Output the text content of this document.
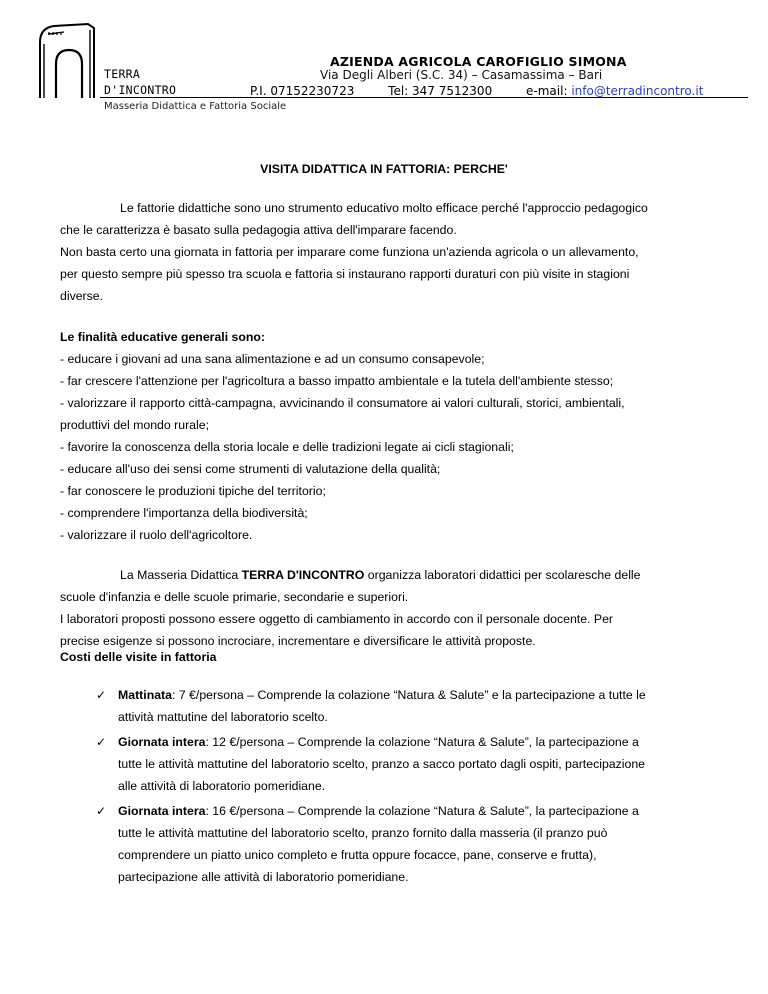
TERRA
D'INCONTRO
AZIENDA AGRICOLA CAROFIGLIO SIMONA
Via Degli Alberi (S.C. 34) – Casamassima – Bari
P.I. 07152230723	Tel: 347 7512300	e-mail: info@terradincontro.it
Masseria Didattica e Fattoria Sociale
VISITA DIDATTICA IN FATTORIA: PERCHE'

Le fattorie didattiche sono uno strumento educativo molto efficace perché l'approccio pedagogico

che le caratterizza è basato sulla pedagogia attiva dell'imparare facendo.

Non basta certo una giornata in fattoria per imparare come funziona un'azienda agricola o un allevamento,

per questo sempre più spesso tra scuola e fattoria si instaurano rapporti duraturi con più visite in stagioni

diverse.

Le finalità educative generali sono:

- educare i giovani ad una sana alimentazione e ad un consumo consapevole;

- far crescere l'attenzione per l'agricoltura a basso impatto ambientale e la tutela dell'ambiente stesso;

- valorizzare il rapporto città-campagna, avvicinando il consumatore ai valori culturali, storici, ambientali,

produttivi del mondo rurale;

- favorire la conoscenza della storia locale e delle tradizioni legate ai cicli stagionali;

- educare all'uso dei sensi come strumenti di valutazione della qualità;

- far conoscere le produzioni tipiche del territorio;

- comprendere l'importanza della biodiversità;

- valorizzare il ruolo dell'agricoltore.

La Masseria Didattica TERRA D'INCONTRO organizza laboratori didattici per scolaresche delle

scuole d'infanzia e delle scuole primarie, secondarie e superiori.

I laboratori proposti possono essere oggetto di cambiamento in accordo con il personale docente. Per

precise esigenze si possono incrociare, incrementare e diversificare le attività proposte.

Costi delle visite in fattoria
✓ Mattinata: 7 €/persona – Comprende la colazione “Natura & Salute” e la partecipazione a tutte le

attività mattutine del laboratorio scelto.

✓ Giornata intera: 12 €/persona – Comprende la colazione “Natura & Salute”, la partecipazione a

tutte le attività mattutine del laboratorio scelto, pranzo a sacco portato dagli ospiti, partecipazione

alle attività di laboratorio pomeridiane.

✓ Giornata intera: 16 €/persona – Comprende la colazione “Natura & Salute”, la partecipazione a

tutte le attività mattutine del laboratorio scelto, pranzo fornito dalla masseria (il pranzo può

comprendere un piatto unico completo e frutta oppure focacce, pane, conserve e frutta),

partecipazione alle attività di laboratorio pomeridiane.
